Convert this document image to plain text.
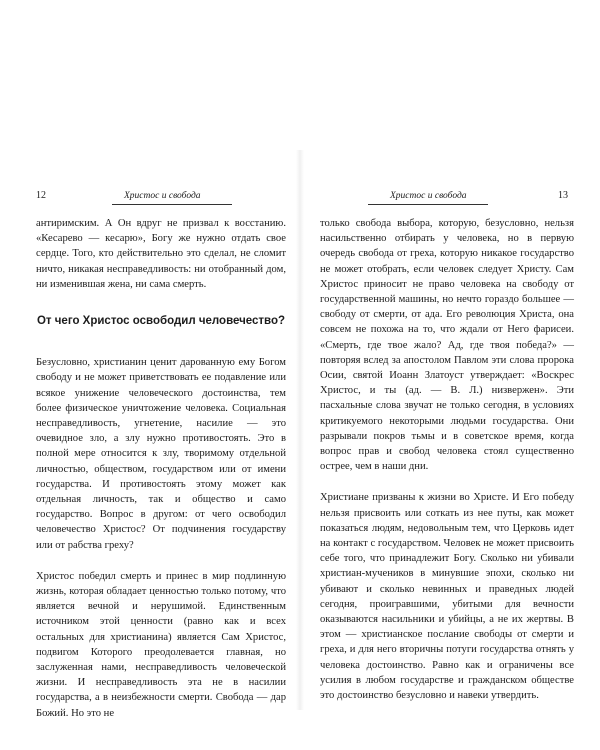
12	Христос и свобода

антиримским. А Он вдруг не призвал к восстанию. «Кесарево — кесарю», Богу же нужно отдать свое сердце. Того, кто действительно это сделал, не сломит ничто, никакая несправедливость: ни отобранный дом, ни изменившая жена, ни сама смерть.

От чего Христос освободил человечество?

Безусловно, христианин ценит дарованную ему Богом свободу и не может приветствовать ее подавление или всякое унижение человеческого достоинства, тем более физическое уничтожение человека. Социальная несправедливость, угнетение, насилие — это очевидное зло, а злу нужно противостоять. Это в полной мере относится к злу, творимому отдельной личностью, обществом, государством или от имени государства. И противостоять этому может как отдельная личность, так и общество и само государство. Вопрос в другом: от чего освободил человечество Христос? От подчинения государству или от рабства греху?

Христос победил смерть и принес в мир подлинную жизнь, которая обладает ценностью только потому, что является вечной и нерушимой. Единственным источником этой ценности (равно как и всех остальных для христианина) является Сам Христос, подвигом Которого преодолевается главная, но заслуженная нами, несправедливость человеческой жизни. И несправедливость эта не в насилии государства, а в неизбежности смерти. Свобода — дар Божий. Но это не

Христос и свобода	13

только свобода выбора, которую, безусловно, нельзя насильственно отбирать у человека, но в первую очередь свобода от греха, которую никакое государство не может отобрать, если человек следует Христу. Сам Христос приносит не право человека на свободу от государственной машины, но нечто гораздо большее — свободу от смерти, от ада. Его революция Христа, она совсем не похожа на то, что ждали от Него фарисеи. «Смерть, где твое жало? Ад, где твоя победа?» — повторяя вслед за апостолом Павлом эти слова пророка Осии, святой Иоанн Златоуст утверждает: «Воскрес Христос, и ты (ад. — В. Л.) низвержен». Эти пасхальные слова звучат не только сегодня, в условиях критикуемого некоторыми людьми государства. Они разрывали покров тьмы и в советское время, когда вопрос прав и свобод человека стоял существенно острее, чем в наши дни.

Христиане призваны к жизни во Христе. И Его победу нельзя присвоить или соткать из нее путы, как может показаться людям, недовольным тем, что Церковь идет на контакт с государством. Человек не может присвоить себе того, что принадлежит Богу. Сколько ни убивали христиан-мучеников в минувшие эпохи, сколько ни убивают и сколько невинных и праведных людей сегодня, проигравшими, убитыми для вечности оказываются насильники и убийцы, а не их жертвы. В этом — христианское послание свободы от смерти и греха, и для него вторичны потуги государства отнять у человека достоинство. Равно как и ограничены все усилия в любом государстве и гражданском обществе это достоинство безусловно и навеки утвердить.
